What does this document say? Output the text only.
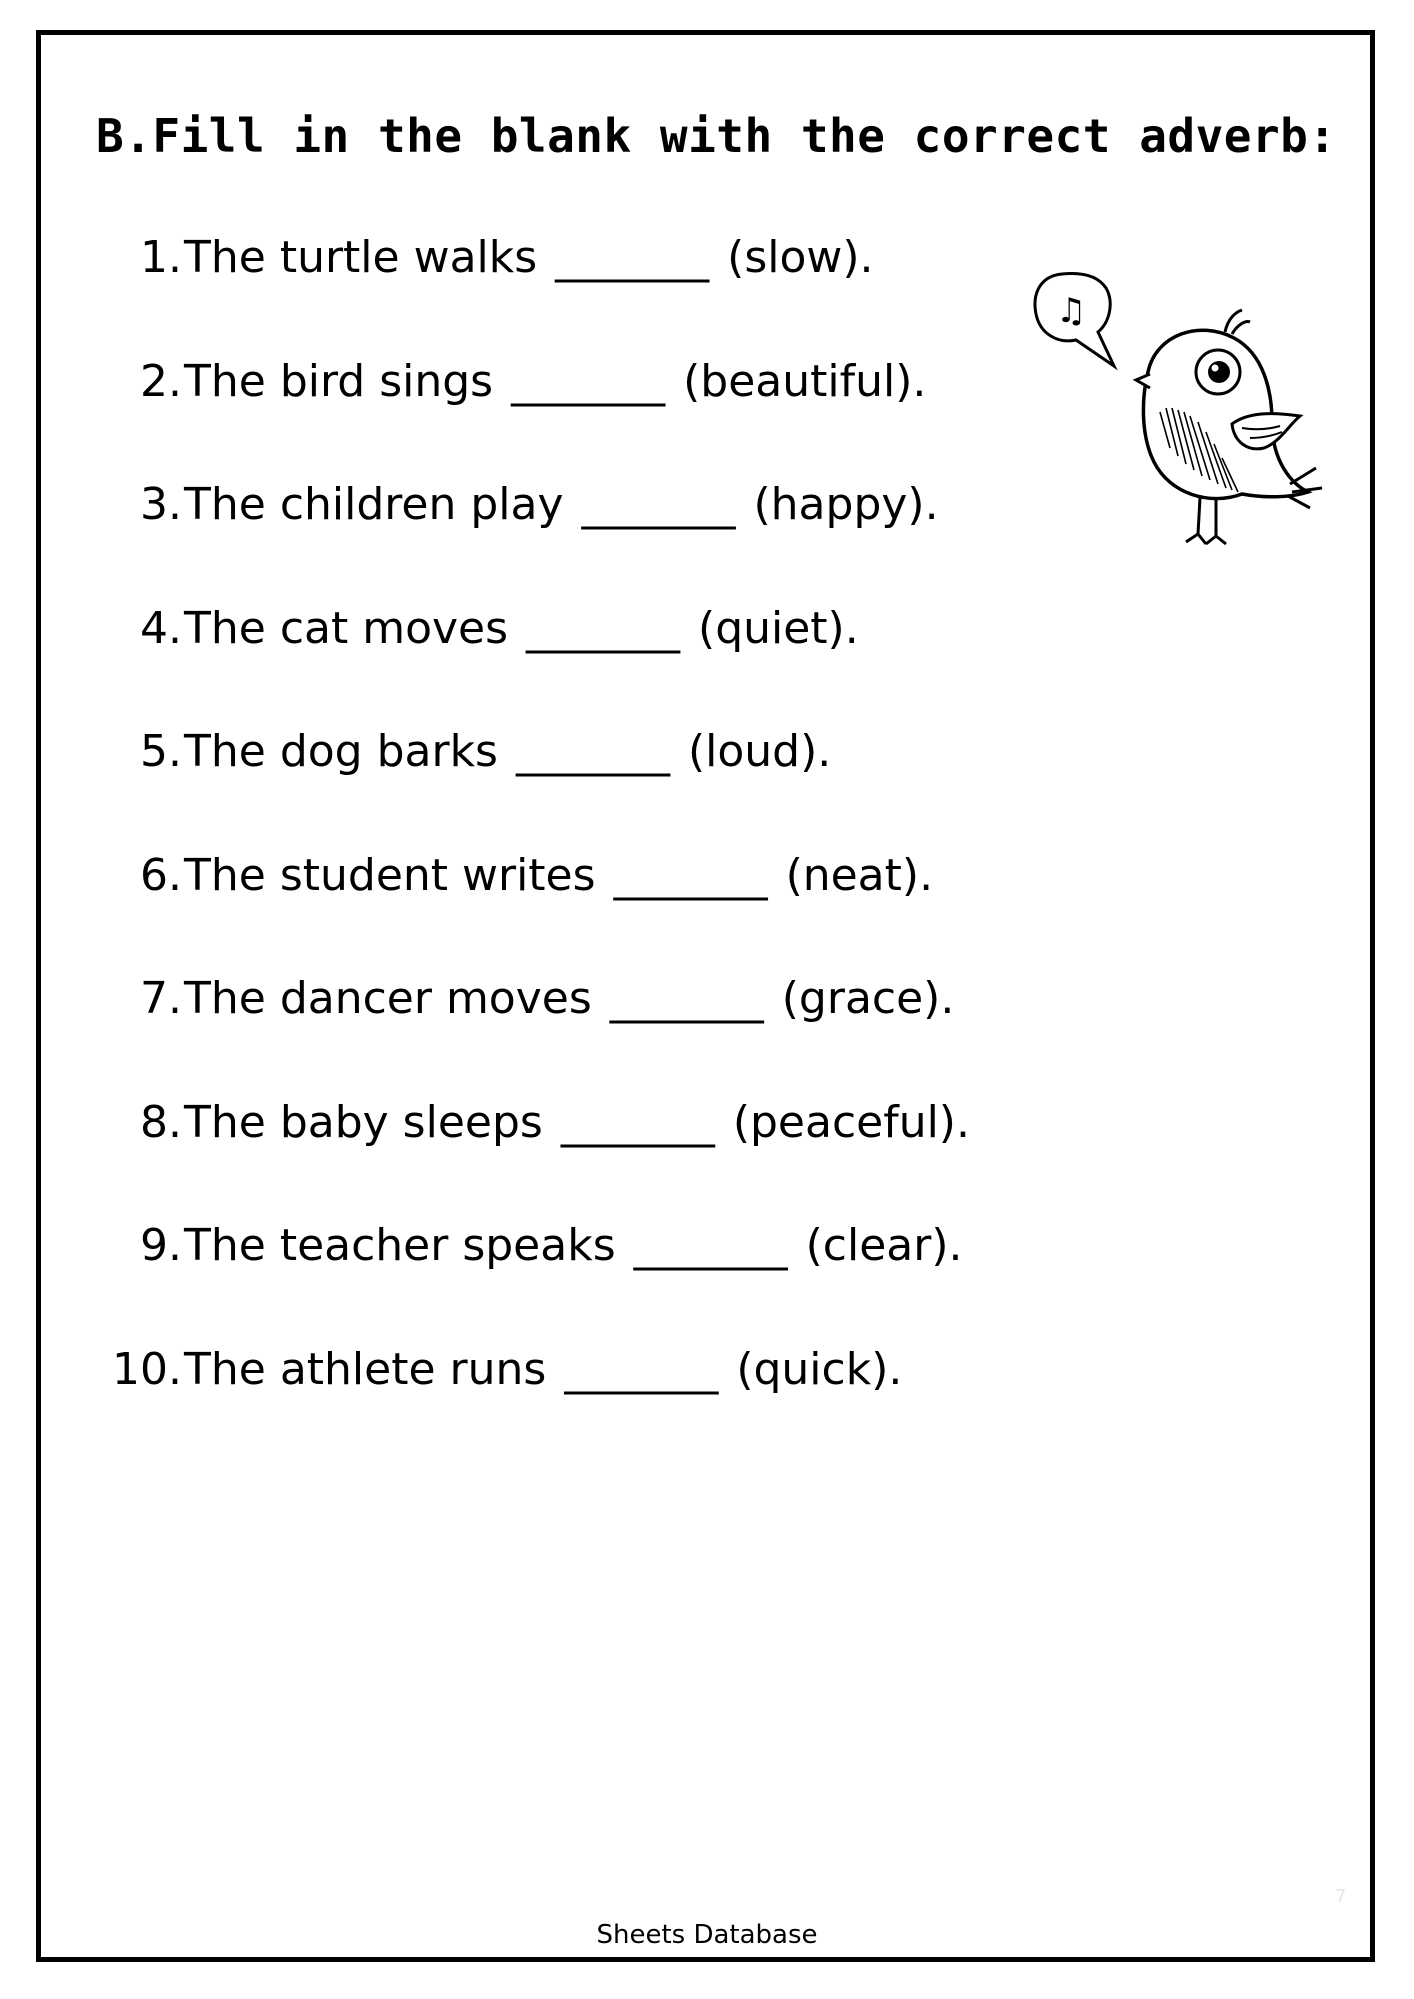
B.Fill in the blank with the correct adverb:
1. The turtle walks _______ (slow).
2. The bird sings _______ (beautiful).
3. The children play _______ (happy).
4. The cat moves _______ (quiet).
5. The dog barks _______ (loud).
6. The student writes _______ (neat).
7. The dancer moves _______ (grace).
8. The baby sleeps _______ (peaceful).
9. The teacher speaks _______ (clear).
10. The athlete runs _______ (quick).
♫
7
Sheets Database
